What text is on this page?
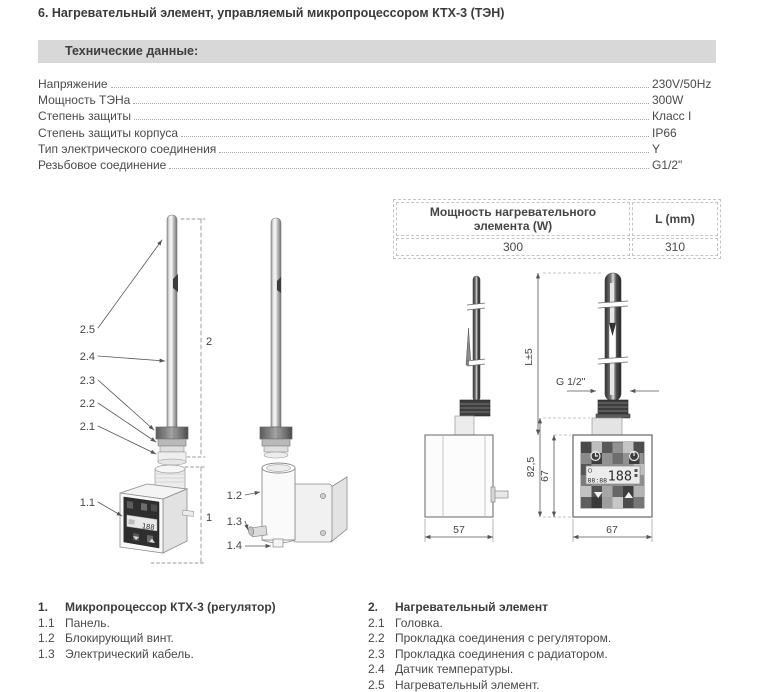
6. Нагревательный элемент, управляемый микропроцессором КТХ-3 (ТЭН)
Технические данные:
Напряжение	230V/50Hz
Мощность ТЭНа	300W
Степень защиты	Класс I
Степень защиты корпуса	IP66
Тип электрического соединения	Y
Резьбовое соединение	G1/2"
Мощность нагревательного элемента (W)	L (mm)
300	310
188
2.5
2.4
2.3
2.2
2.1
1.1
2
1
1.2
1.3
1.4
57
188
88:88
L±5
G 1/2"
82,5 67
67
1.	Микропроцессор КТХ-3 (регулятор)
1.1 Панель.
1.2 Блокирующий винт.
1.3 Электрический кабель.
2.	Нагревательный элемент
2.1 Головка.
2.2 Прокладка соединения с регулятором.
2.3 Прокладка соединения с радиатором.
2.4 Датчик температуры.
2.5 Нагревательный элемент.
